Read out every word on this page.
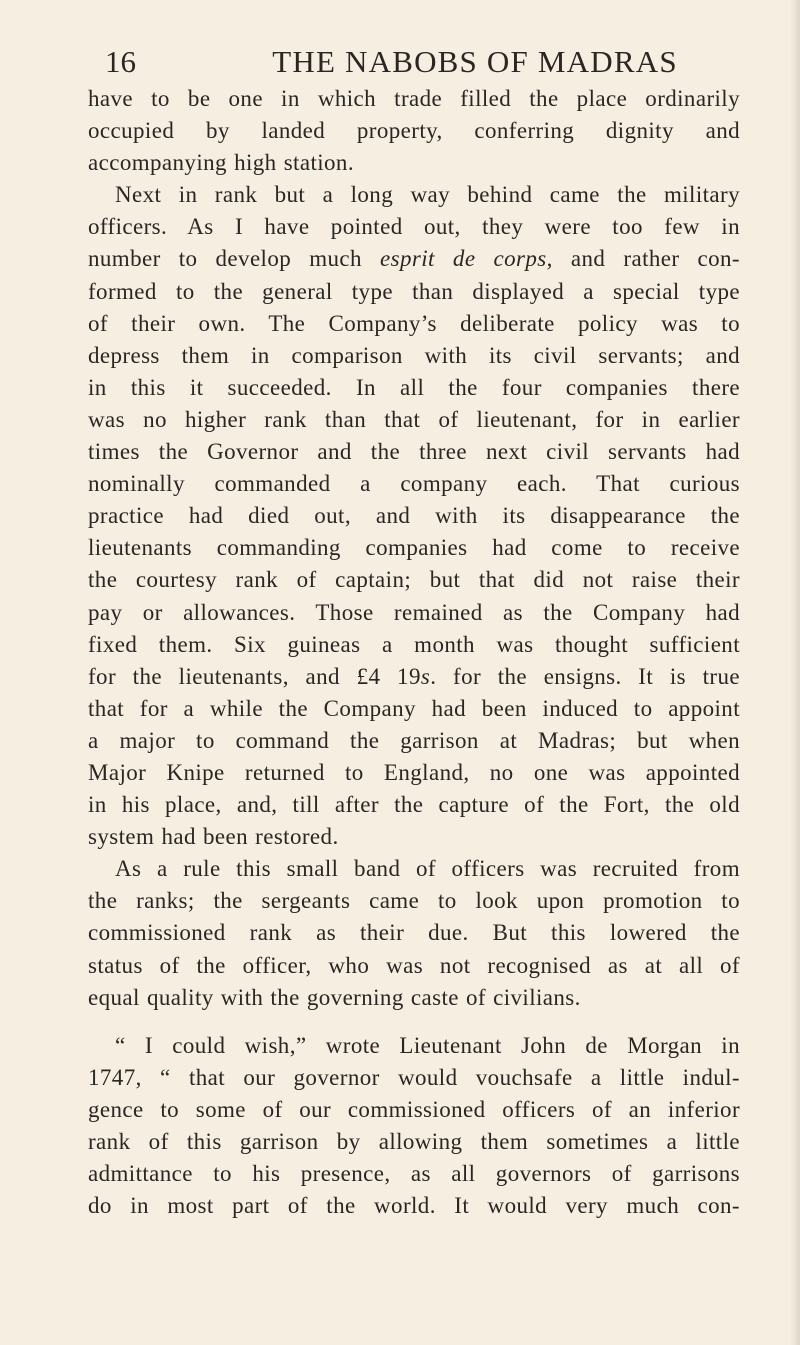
16	THE NABOBS OF MADRAS
have to be one in which trade filled the place ordinarily
occupied by landed property, conferring dignity and
accompanying high station.
Next in rank but a long way behind came the military
officers. As I have pointed out, they were too few in
number to develop much esprit de corps, and rather con-
formed to the general type than displayed a special type
of their own. The Company’s deliberate policy was to
depress them in comparison with its civil servants; and
in this it succeeded. In all the four companies there
was no higher rank than that of lieutenant, for in earlier
times the Governor and the three next civil servants had
nominally commanded a company each. That curious
practice had died out, and with its disappearance the
lieutenants commanding companies had come to receive
the courtesy rank of captain; but that did not raise their
pay or allowances. Those remained as the Company had
fixed them. Six guineas a month was thought sufficient
for the lieutenants, and £4 19s. for the ensigns. It is true
that for a while the Company had been induced to appoint
a major to command the garrison at Madras; but when
Major Knipe returned to England, no one was appointed
in his place, and, till after the capture of the Fort, the old
system had been restored.
As a rule this small band of officers was recruited from
the ranks; the sergeants came to look upon promotion to
commissioned rank as their due. But this lowered the
status of the officer, who was not recognised as at all of
equal quality with the governing caste of civilians.
“ I could wish,” wrote Lieutenant John de Morgan in
1747, “ that our governor would vouchsafe a little indul-
gence to some of our commissioned officers of an inferior
rank of this garrison by allowing them sometimes a little
admittance to his presence, as all governors of garrisons
do in most part of the world. It would very much con-
